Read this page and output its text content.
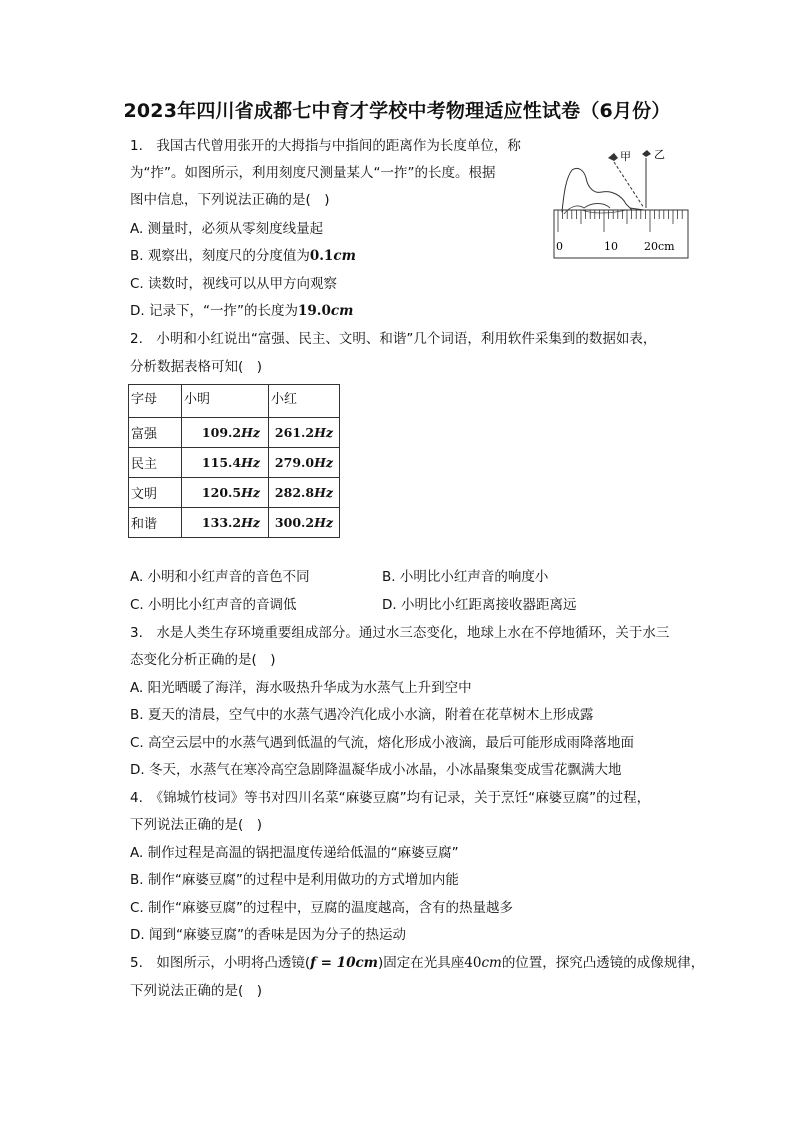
2023年四川省成都七中育才学校中考物理适应性试卷（6月份）
1.　我国古代曾用张开的大拇指与中指间的距离作为长度单位，称
为“拃”。如图所示，利用刻度尺测量某人“一拃”的长度。根据
图中信息，下列说法正确的是(　)
A. 测量时，必须从零刻度线量起
B. 观察出，刻度尺的分度值为0.1cm
C. 读数时，视线可以从甲方向观察
D. 记录下，“一拃”的长度为19.0cm
甲 乙
0	10 20cm
2.　小明和小红说出“富强、民主、文明、和谐”几个词语，利用软件采集到的数据如表，
分析数据表格可知(　)
字母	小明	小红
富强	109.2Hz	261.2Hz
民主	115.4Hz	279.0Hz
文明	120.5Hz	282.8Hz
和谐	133.2Hz	300.2Hz
A. 小明和小红声音的音色不同	B. 小明比小红声音的响度小
C. 小明比小红声音的音调低	D. 小明比小红距离接收器距离远
3.　水是人类生存环境重要组成部分。通过水三态变化，地球上水在不停地循环，关于水三
态变化分析正确的是(　)
A. 阳光晒暖了海洋，海水吸热升华成为水蒸气上升到空中
B. 夏天的清晨，空气中的水蒸气遇冷汽化成小水滴，附着在花草树木上形成露
C. 高空云层中的水蒸气遇到低温的气流，熔化形成小液滴，最后可能形成雨降落地面
D. 冬天，水蒸气在寒冷高空急剧降温凝华成小冰晶，小冰晶聚集变成雪花飘满大地
4.　《锦城竹枝词》等书对四川名菜“麻婆豆腐”均有记录，关于烹饪“麻婆豆腐”的过程，
下列说法正确的是(　)
A. 制作过程是高温的锅把温度传递给低温的“麻婆豆腐”
B. 制作“麻婆豆腐”的过程中是利用做功的方式增加内能
C. 制作“麻婆豆腐”的过程中，豆腐的温度越高，含有的热量越多
D. 闻到“麻婆豆腐”的香味是因为分子的热运动
5.　如图所示，小明将凸透镜(f = 10cm)固定在光具座40cm的位置，探究凸透镜的成像规律，
下列说法正确的是(　)
